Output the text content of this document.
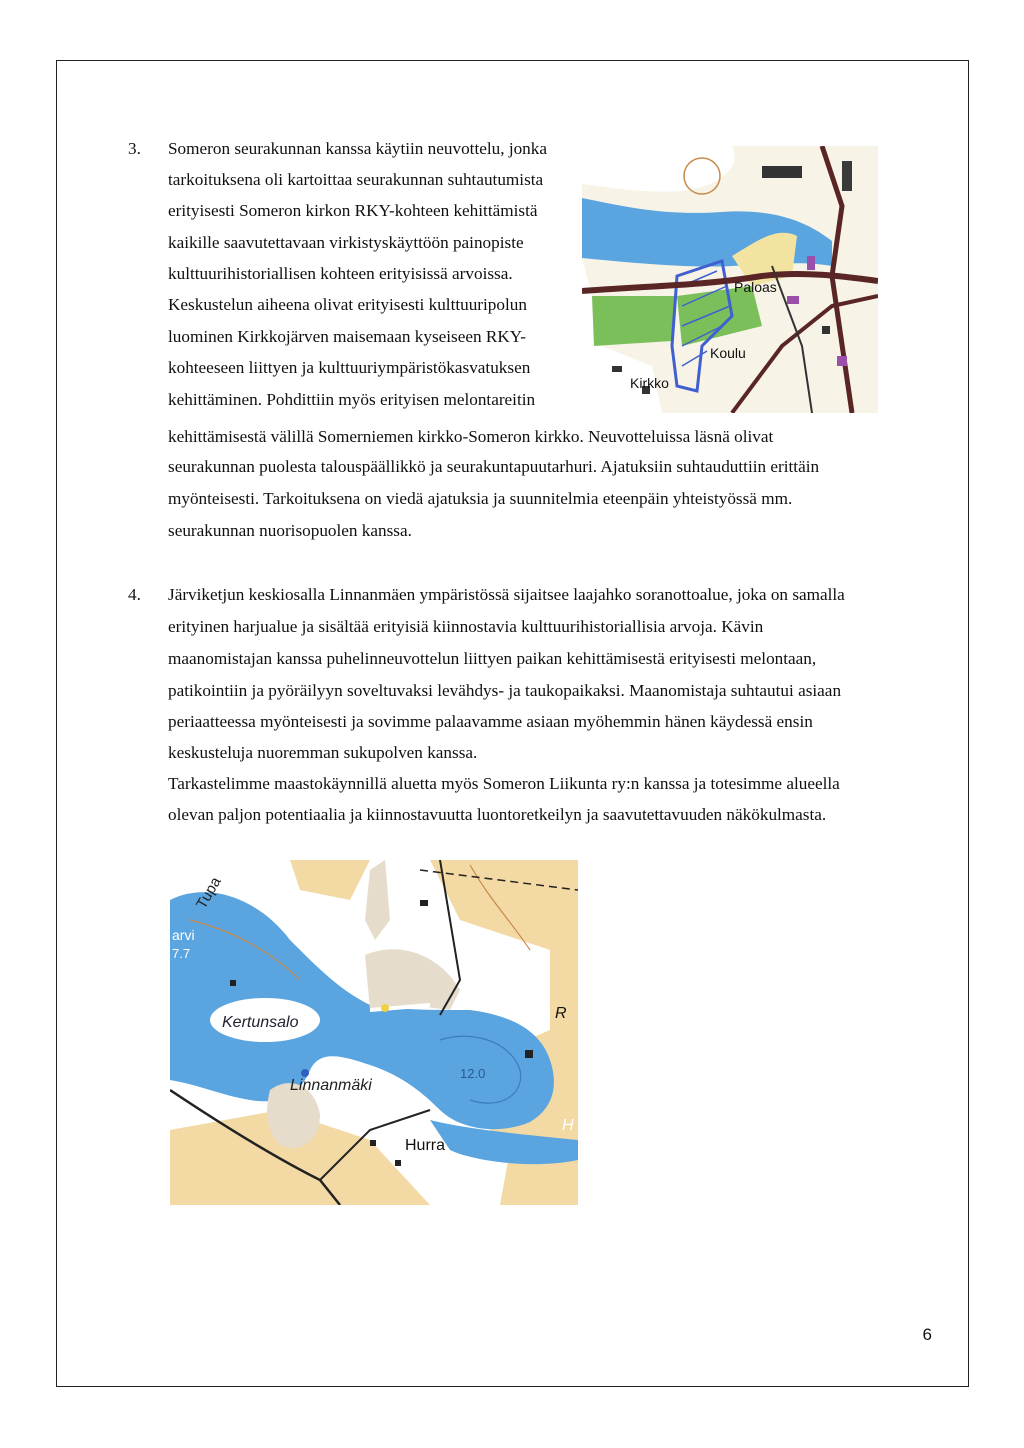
3. Someron seurakunnan kanssa käytiin neuvottelu, jonka
tarkoituksena oli kartoittaa seurakunnan suhtautumista
erityisesti Someron kirkon RKY-kohteen kehittämistä
kaikille saavutettavaan virkistyskäyttöön painopiste
kulttuurihistoriallisen kohteen erityisissä arvoissa.
Keskustelun aiheena olivat erityisesti kulttuuripolun
luominen Kirkkojärven maisemaan kyseiseen RKY-
kohteeseen liittyen ja kulttuuriympäristökasvatuksen
kehittäminen. Pohdittiin myös erityisen melontareitin
kehittämisestä välillä Somerniemen kirkko-Someron kirkko. Neuvotteluissa läsnä olivat
seurakunnan puolesta talouspäällikkö ja seurakuntapuutarhuri. Ajatuksiin suhtauduttiin erittäin
myönteisesti. Tarkoituksena on viedä ajatuksia ja suunnitelmia eteenpäin yhteistyössä mm.
seurakunnan nuorisopuolen kanssa.
Paloas
Koulu
Kirkko
4. Järviketjun keskiosalla Linnanmäen ympäristössä sijaitsee laajahko soranottoalue, joka on samalla
erityinen harjualue ja sisältää erityisiä kiinnostavia kulttuurihistoriallisia arvoja. Kävin
maanomistajan kanssa puhelinneuvottelun liittyen paikan kehittämisestä erityisesti melontaan,
patikointiin ja pyöräilyyn soveltuvaksi levähdys- ja taukopaikaksi. Maanomistaja suhtautui asiaan
periaatteessa myönteisesti ja sovimme palaavamme asiaan myöhemmin hänen käydessä ensin
keskusteluja nuoremman sukupolven kanssa.
Tarkastelimme maastokäynnillä aluetta myös Someron Liikunta ry:n kanssa ja totesimme alueella
olevan paljon potentiaalia ja kiinnostavuutta luontoretkeilyn ja saavutettavuuden näkökulmasta.
Tupa
Kertunsalo
Linnanmäki
Hurra
12.0
arvi
7.7
R
H
6
